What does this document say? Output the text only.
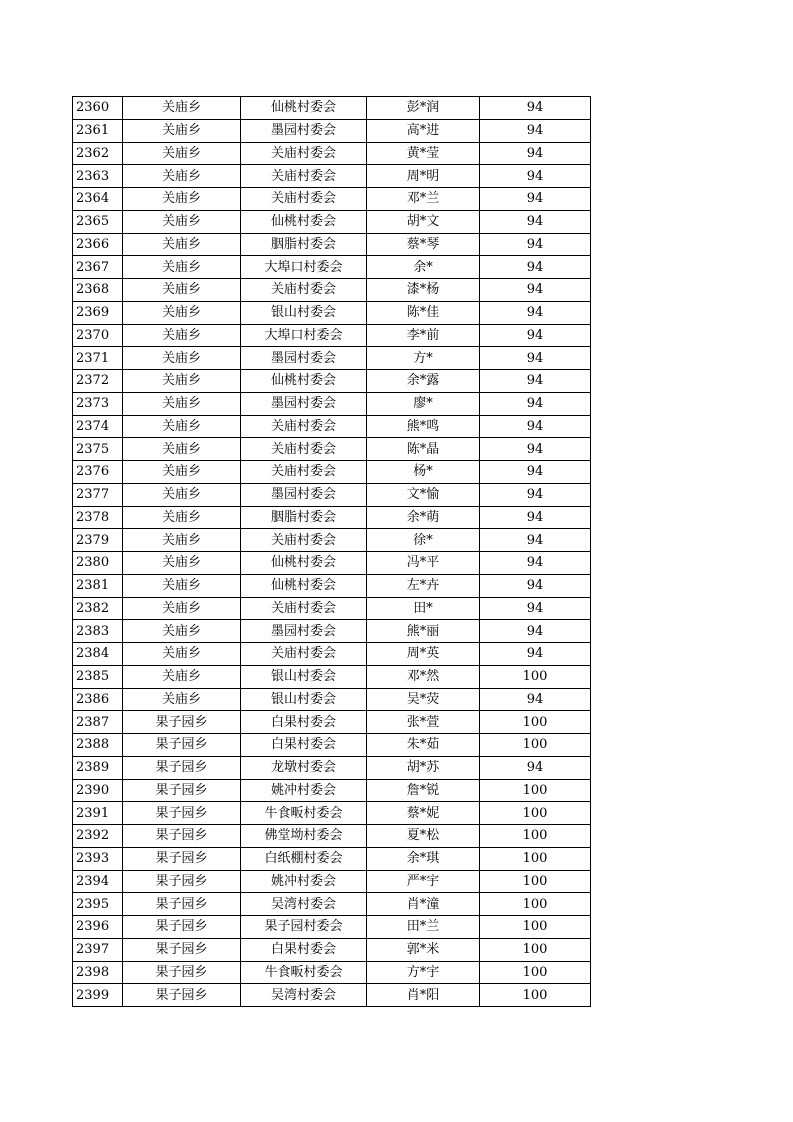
2360	关庙乡	仙桃村委会	彭*润	94
2361	关庙乡	墨园村委会	高*进	94
2362	关庙乡	关庙村委会	黄*莹	94
2363	关庙乡	关庙村委会	周*明	94
2364	关庙乡	关庙村委会	邓*兰	94
2365	关庙乡	仙桃村委会	胡*文	94
2366	关庙乡	胭脂村委会	蔡*琴	94
2367	关庙乡	大埠口村委会	余*	94
2368	关庙乡	关庙村委会	漆*杨	94
2369	关庙乡	银山村委会	陈*佳	94
2370	关庙乡	大埠口村委会	李*前	94
2371	关庙乡	墨园村委会	方*	94
2372	关庙乡	仙桃村委会	余*露	94
2373	关庙乡	墨园村委会	廖*	94
2374	关庙乡	关庙村委会	熊*鸣	94
2375	关庙乡	关庙村委会	陈*晶	94
2376	关庙乡	关庙村委会	杨*	94
2377	关庙乡	墨园村委会	文*愉	94
2378	关庙乡	胭脂村委会	余*萌	94
2379	关庙乡	关庙村委会	徐*	94
2380	关庙乡	仙桃村委会	冯*平	94
2381	关庙乡	仙桃村委会	左*卉	94
2382	关庙乡	关庙村委会	田*	94
2383	关庙乡	墨园村委会	熊*丽	94
2384	关庙乡	关庙村委会	周*英	94
2385	关庙乡	银山村委会	邓*然	100
2386	关庙乡	银山村委会	吴*荧	94
2387	果子园乡	白果村委会	张*萱	100
2388	果子园乡	白果村委会	朱*茹	100
2389	果子园乡	龙墩村委会	胡*苏	94
2390	果子园乡	姚冲村委会	詹*锐	100
2391	果子园乡	牛食畈村委会	蔡*妮	100
2392	果子园乡	佛堂坳村委会	夏*松	100
2393	果子园乡	白纸棚村委会	余*琪	100
2394	果子园乡	姚冲村委会	严*宇	100
2395	果子园乡	吴湾村委会	肖*潼	100
2396	果子园乡	果子园村委会	田*兰	100
2397	果子园乡	白果村委会	郭*米	100
2398	果子园乡	牛食畈村委会	方*宇	100
2399	果子园乡	吴湾村委会	肖*阳	100
